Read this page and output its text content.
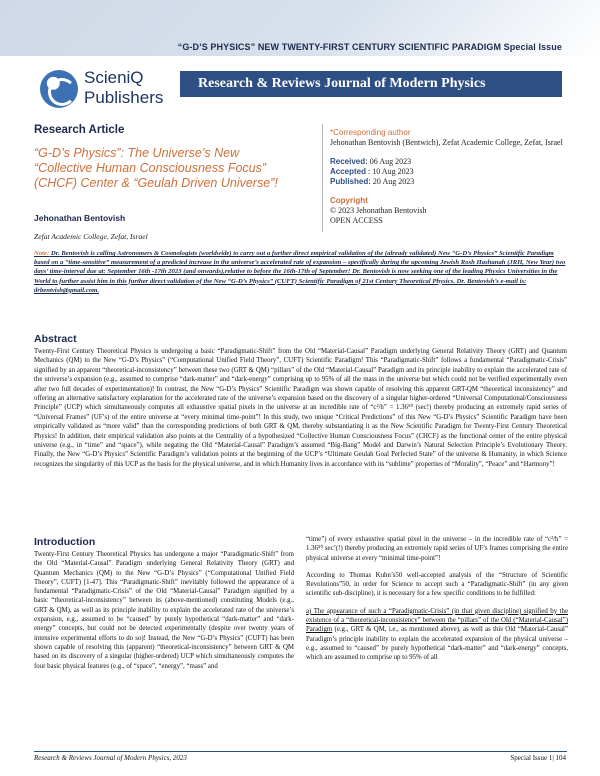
“G-D’S PHYSICS” NEW TWENTY-FIRST CENTURY SCIENTIFIC PARADIGM Special Issue
ScieniQ
Publishers
Research & Reviews Journal of Modern Physics
Research Article
“G-D’s Physics”: The Universe’s New “Collective Human Consciousness Focus” (CHCF) Center & “Geulah Driven Universe”!
Jehonathan Bentovish
Zefat Academic College, Zefat, Israel
*Corresponding author
Jehonathan Bentovish (Bentwich), Zefat Academic College, Zefat, Israel
Received: 06 Aug 2023
Accepted : 10 Aug 2023
Published: 20 Aug 2023
Copyright
© 2023 Jehonathan Bentovish
OPEN ACCESS
Note: Dr. Bentovish is calling Astronomers & Cosmologists (worldwide) to carry out a further direct empirical validation of the (already validated) New “G-D’s Physics” Scientific Paradigm based on a “time-sensitive” measurement of a predicted increase in the universe’s accelerated rate of expansion – specifically during the upcoming Jewish Rosh Hashanah (JRH, New Year) two days’ time-interval due at: September 16th -17th 2023 (and onwards),relative to before the 16th-17th of September! Dr. Bentovish is now seeking one of the leading Physics Universities in the World to further assist him in this further direct validation of the New “G-D’s Physics” (CUFT) Scientific Paradigm of 21st Century Theoretical Physics. Dr. Bentovish’s e-mail is: drbentvish@gmail.com.
Abstract
Twenty-First Century Theoretical Physics is undergoing a basic “Paradigmatic-Shift” from the Old “Material-Causal” Paradigm underlying General Relativity Theory (GRT) and Quantum Mechanics (QM) to the New “G-D’s Physics” (“Computational Unified Field Theory”, CUFT) Scientific Paradigm! This “Paradigmatic-Shift” follows a fundamental “Paradigmatic-Crisis” signified by an apparent “theoretical-inconsistency” between these two (GRT & QM) “pillars” of the Old “Material-Causal” Paradigm and its principle inability to explain the accelerated rate of the universe’s expansion (e.g., assumed to comprise “dark-matter” and “dark-energy” comprising up to 95% of all the mass in the universe but which could not be verified experimentally even after two full decades of experimentation)! In contrast, the New “G-D’s Physics” Scientific Paradigm was shown capable of resolving this apparent GRT-QM “theoretical inconsistency” and offering an alternative satisfactory explanation for the accelerated rate of the universe’s expansion based on the discovery of a singular higher-ordered “Universal Computational/Consciousness Principle” (UCP) which simultaneously computes all exhaustive spatial pixels in the universe at an incredible rate of “c²/h” = 1.36⁵⁰ (sec!) thereby producing an extremely rapid series of “Universal Frames” (UF’s) of the entire universe at “every minimal time-point”! In this study, two unique “Critical Predictions” of this New “G-D’s Physics” Scientific Paradigm have been empirically validated as “more valid” than the corresponding predictions of both GRT & QM, thereby substantiating it as the New Scientific Paradigm for Twenty-First Century Theoretical Physics! In addition, their empirical validation also points at the Centrality of a hypothesized “Collective Human Consciousness Focus” (CHCF) as the functional center of the entire physical universe (e.g., in “time” and “space”), while negating the Old “Material-Causal” Paradigm’s assumed “Big-Bang” Model and Darwin’s Natural Selection Principle’s Evolutionary Theory. Finally, the New “G-D’s Physics” Scientific Paradigm’s validation points at the beginning of the UCP’s “Ultimate Geulah Goal Perfected State” of the universe & Humanity, in which Science recognizes the singularity of this UCP as the basis for the physical universe, and in which Humanity lives in accordance with its “sublime” properties of “Morality”, “Peace” and “Harmony”!
Introduction
Twenty-First Century Theoretical Physics has undergone a major “Paradigmatic-Shift” from the Old “Material-Causal” Paradigm underlying General Relativity Theory (GRT) and Quantum Mechanics (QM) to the New “G-D’s Physics” (“Computational Unified Field Theory”, CUFT) [1-47]. This “Paradigmatic-Shift” inevitably followed the appearance of a fundamental “Paradigmatic-Crisis” of the Old “Material-Causal” Paradigm signified by a basic “theoretical-inconsistency” between its (above-mentioned) constituting Models (e.g., GRT & QM), as well as its principle inability to explain the accelerated rate of the universe’s expansion, e.g., assumed to be “caused” by purely hypothetical “dark-matter” and “dark-energy” concepts, but could not be detected experimentally (despite over twenty years of intensive experimental efforts to do so)! Instead, the New “G-D’s Physics” (CUFT) has been shown capable of resolving this (apparent) “theoretical-inconsistency” between GRT & QM based on its discovery of a singular (higher-ordered) UCP which simultaneously computes the four basic physical features (e.g., of “space”, “energy”, “mass” and

“time”) of every exhaustive spatial pixel in the universe – in the incredible rate of “c²/h” = 1.36⁵⁰ sec’(!) thereby producing an extremely rapid series of UF’s frames comprising the entire physical universe at every “minimal time-point”!

According to Thomas Kuhn’s50 well-accepted analysis of the “Structure of Scientific Revolutions”50, in order for Science to accept such a “Paradigmatic-Shift” (in any given scientific sub-discipline), it is necessary for a few specific conditions to be fulfilled:

a) The appearance of such a “Paradigmatic-Crisis” (in that given discipline) signified by the existence of a “theoretical-inconsistency” between the “pillars” of the Old (“Material-Causal”) Paradigm (e.g., GRT & QM, i.e., as mentioned above), as well as this Old “Material-Causal” Paradigm’s principle inability to explain the accelerated expansion of the physical universe – e.g., assumed to “caused” by purely hypothetical “dark-matter” and “dark-energy” concepts, which are assumed to comprise up to 95% of all

Research & Reviews Journal of Modern Physics, 2023	Special Issue 1| 104
